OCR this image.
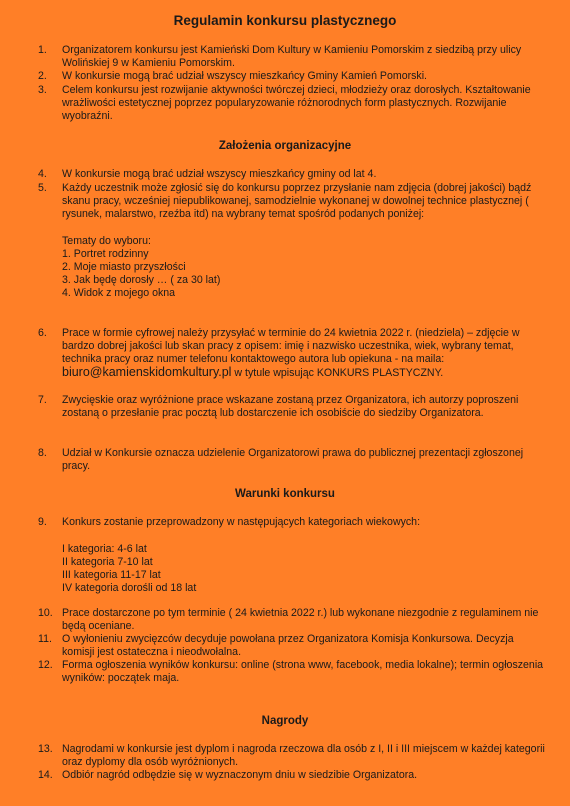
Regulamin konkursu plastycznego
1.	Organizatorem konkursu jest Kamieński Dom Kultury w Kamieniu Pomorskim z siedzibą przy ulicy Wolińskiej 9 w Kamieniu Pomorskim.
2.	W konkursie mogą brać udział wszyscy mieszkańcy Gminy Kamień Pomorski.
3.	Celem konkursu jest rozwijanie aktywności twórczej dzieci, młodzieży oraz dorosłych. Kształtowanie wrażliwości estetycznej poprzez popularyzowanie różnorodnych form plastycznych. Rozwijanie wyobraźni.
Założenia organizacyjne
4.	W konkursie mogą brać udział wszyscy mieszkańcy gminy od lat 4.
5.	Każdy uczestnik może zgłosić się do konkursu poprzez przysłanie nam zdjęcia (dobrej jakości) bądź skanu pracy, wcześniej niepublikowanej, samodzielnie wykonanej w dowolnej technice plastycznej ( rysunek, malarstwo, rzeźba itd) na wybrany temat spośród podanych poniżej:
Tematy do wyboru:
1. Portret rodzinny
2. Moje miasto przyszłości
3. Jak będę dorosły … ( za 30 lat)
4. Widok z mojego okna
6.	Prace w formie cyfrowej należy przysyłać w terminie do 24 kwietnia 2022 r. (niedziela) – zdjęcie w bardzo dobrej jakości lub skan pracy z opisem: imię i nazwisko uczestnika, wiek, wybrany temat, technika pracy oraz numer telefonu kontaktowego autora lub opiekuna - na maila:
biuro@kamienskidomkultury.pl w tytule wpisując KONKURS PLASTYCZNY.
7.	Zwycięskie oraz wyróżnione prace wskazane zostaną przez Organizatora, ich autorzy poproszeni zostaną o przesłanie prac pocztą lub dostarczenie ich osobiście do siedziby Organizatora.
8.	Udział w Konkursie oznacza udzielenie Organizatorowi prawa do publicznej prezentacji zgłoszonej pracy.
Warunki konkursu
9.	Konkurs zostanie przeprowadzony w następujących kategoriach wiekowych:
I kategoria: 4-6 lat
II kategoria 7-10 lat
III kategoria 11-17 lat
IV kategoria dorośli od 18 lat
10. Prace dostarczone po tym terminie ( 24 kwietnia 2022 r.) lub wykonane niezgodnie z regulaminem nie będą oceniane.
11. O wyłonieniu zwycięzców decyduje powołana przez Organizatora Komisja Konkursowa. Decyzja komisji jest ostateczna i nieodwołalna.
12. Forma ogłoszenia wyników konkursu: online (strona www, facebook, media lokalne); termin ogłoszenia wyników: początek maja.
Nagrody
13. Nagrodami w konkursie jest dyplom i nagroda rzeczowa dla osób z I, II i III miejscem w każdej kategorii oraz dyplomy dla osób wyróżnionych.
14. Odbiór nagród odbędzie się w wyznaczonym dniu w siedzibie Organizatora.
